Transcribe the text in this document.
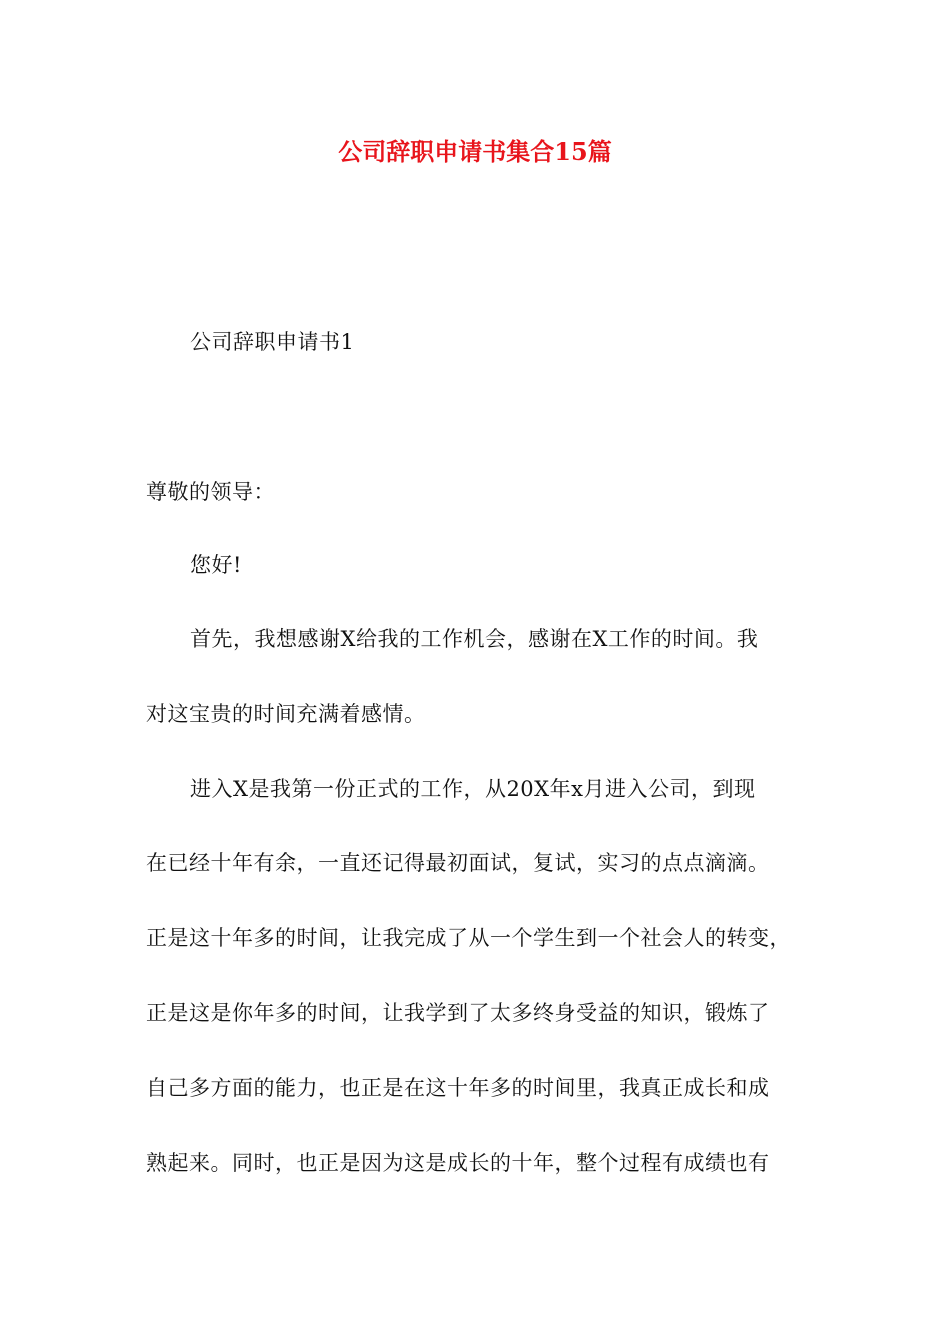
公司辞职申请书集合15篇
公司辞职申请书1
尊敬的领导：
您好!
首先，我想感谢X给我的工作机会，感谢在X工作的时间。我
对这宝贵的时间充满着感情。
进入X是我第一份正式的工作，从20X年x月进入公司，到现
在已经十年有余，一直还记得最初面试，复试，实习的点点滴滴。
正是这十年多的时间，让我完成了从一个学生到一个社会人的转变，
正是这是你年多的时间，让我学到了太多终身受益的知识，锻炼了
自己多方面的能力，也正是在这十年多的时间里，我真正成长和成
熟起来。同时，也正是因为这是成长的十年，整个过程有成绩也有
